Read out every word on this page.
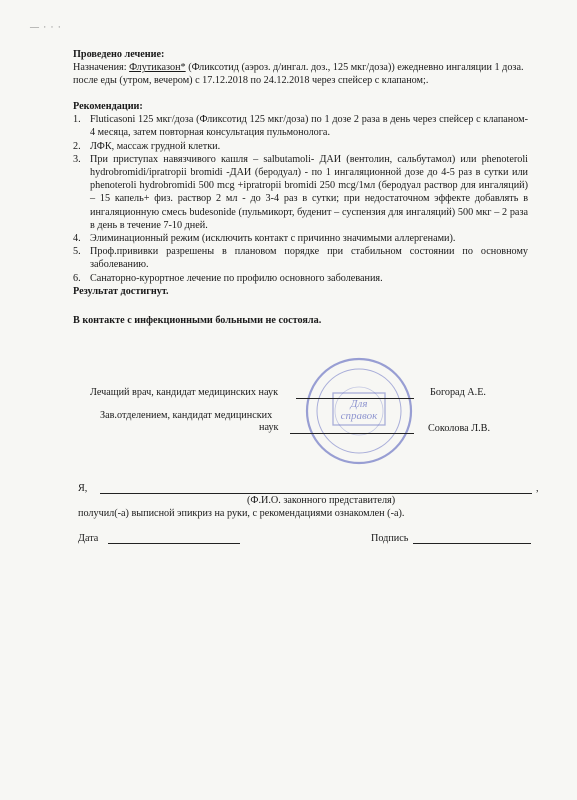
— · · ·
Проведено лечение:
Назначения: Флутиказон* (Фликсотид (аэроз. д/ингал. доз., 125 мкг/доза)) ежедневно ингаляции 1 доза.
после еды (утром, вечером) с 17.12.2018 по 24.12.2018 через спейсер с клапаном;.
Рекомендации:
1. Fluticasoni 125 мкг/доза (Фликсотид 125 мкг/доза) по 1 дозе 2 раза в день через спейсер с клапаном- 4 месяца, затем повторная консультация пульмонолога.
2. ЛФК, массаж грудной клетки.
3. При приступах навязчивого кашля – salbutamoli- ДАИ (вентолин, сальбутамол) или phenoteroli hydrobromidi/ipratropii bromidi -ДАИ (беродуал) - по 1 ингаляционной дозе до 4-5 раз в сутки или phenoteroli hydrobromidi 500 mcg +ipratropii bromidi 250 mcg/1мл (беродуал раствор для ингаляций) – 15 капель+ физ. раствор 2 мл - до 3-4 раз в сутки; при недостаточном эффекте добавлять в ингаляционную смесь budesonide (пульмикорт, буденит – суспензия для ингаляций) 500 мкг – 2 раза в день в течение 7-10 дней.
4. Элиминационный режим (исключить контакт с причинно значимыми аллергенами).
5. Проф.прививки разрешены в плановом порядке при стабильном состоянии по основному заболеванию.
6. Санаторно-курортное лечение по профилю основного заболевания.
Результат достигнут.
В контакте с инфекционными больными не состояла.
Для
справок
Лечащий врач, кандидат медицинских наук	Богорад А.Е.
Зав.отделением, кандидат медицинских
наук	Соколова Л.В.
Я,	,
(Ф.И.О. законного представителя)
получил(-а) выписной эпикриз на руки, с рекомендациями ознакомлен (-а).
Дата	Подпись
